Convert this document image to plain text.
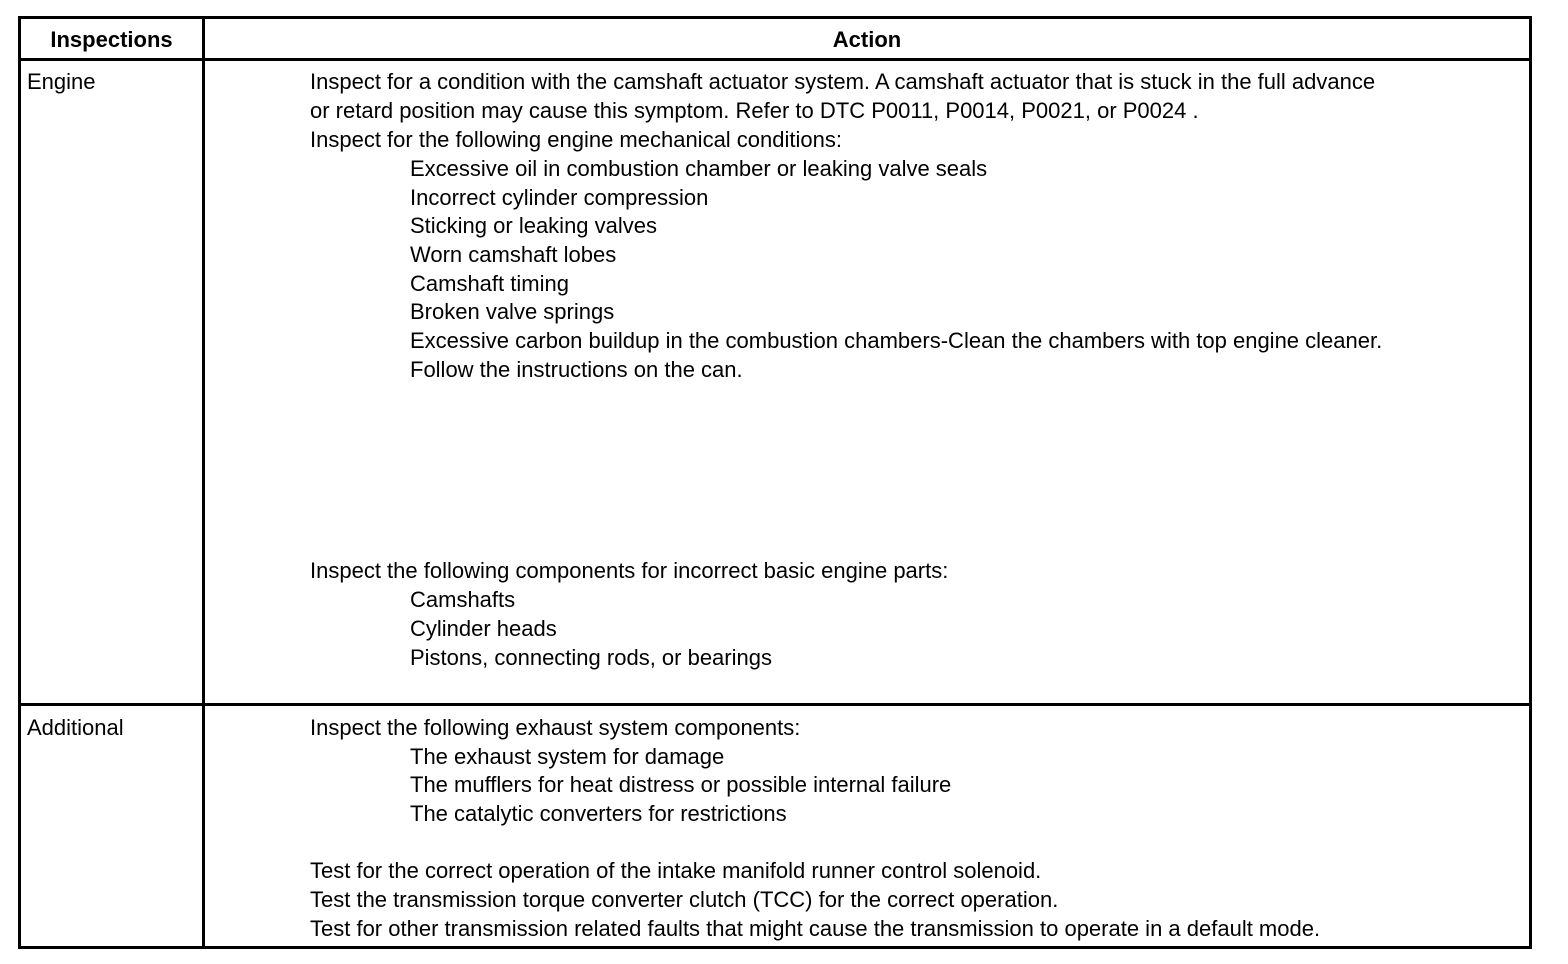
Inspections	Action
Engine	Inspect for a condition with the camshaft actuator system. A camshaft actuator that is stuck in the full advance
or retard position may cause this symptom. Refer to DTC P0011, P0014, P0021, or P0024 .
Inspect for the following engine mechanical conditions:
Excessive oil in combustion chamber or leaking valve seals
Incorrect cylinder compression
Sticking or leaking valves
Worn camshaft lobes
Camshaft timing
Broken valve springs
Excessive carbon buildup in the combustion chambers-Clean the chambers with top engine cleaner.
Follow the instructions on the can.
Inspect the following components for incorrect basic engine parts:
Camshafts
Cylinder heads
Pistons, connecting rods, or bearings
Additional	Inspect the following exhaust system components:
The exhaust system for damage
The mufflers for heat distress or possible internal failure
The catalytic converters for restrictions
Test for the correct operation of the intake manifold runner control solenoid.
Test the transmission torque converter clutch (TCC) for the correct operation.
Test for other transmission related faults that might cause the transmission to operate in a default mode.
